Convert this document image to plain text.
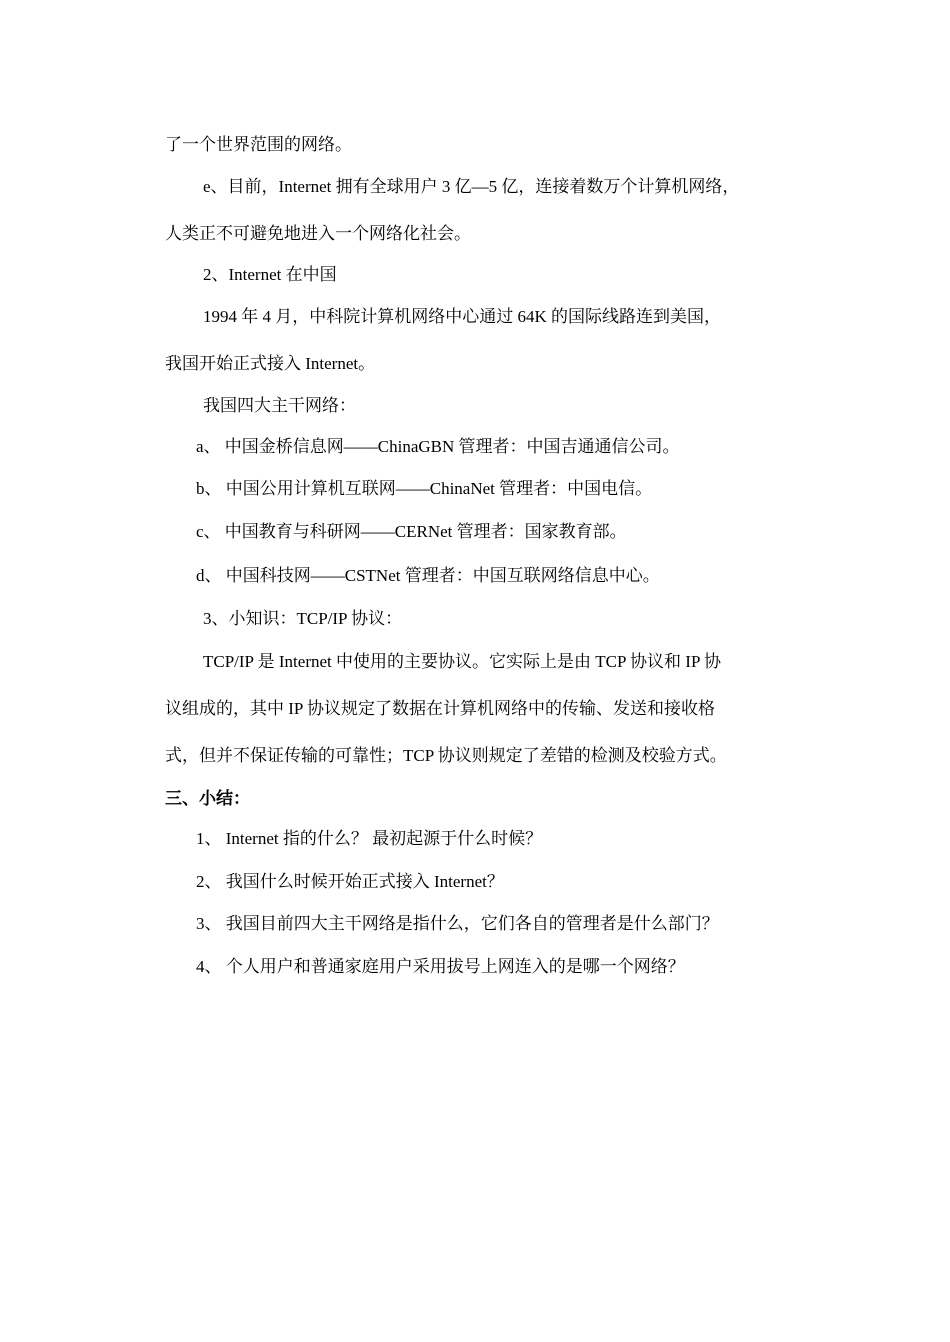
了一个世界范围的网络。
e、目前，Internet 拥有全球用户 3 亿—5 亿，连接着数万个计算机网络，
人类正不可避免地进入一个网络化社会。
2、Internet 在中国
1994 年 4 月，中科院计算机网络中心通过 64K 的国际线路连到美国，
我国开始正式接入 Internet。
我国四大主干网络：
a、 中国金桥信息网——ChinaGBN 管理者：中国吉通通信公司。
b、 中国公用计算机互联网——ChinaNet 管理者：中国电信。
c、 中国教育与科研网——CERNet 管理者：国家教育部。
d、 中国科技网——CSTNet 管理者：中国互联网络信息中心。
3、小知识：TCP/IP 协议：
TCP/IP 是 Internet 中使用的主要协议。它实际上是由 TCP 协议和 IP 协
议组成的，其中 IP 协议规定了数据在计算机网络中的传输、发送和接收格
式，但并不保证传输的可靠性；TCP 协议则规定了差错的检测及校验方式。
三、小结：
1、 Internet 指的什么？ 最初起源于什么时候？
2、 我国什么时候开始正式接入 Internet？
3、 我国目前四大主干网络是指什么，它们各自的管理者是什么部门？
4、 个人用户和普通家庭用户采用拔号上网连入的是哪一个网络？
